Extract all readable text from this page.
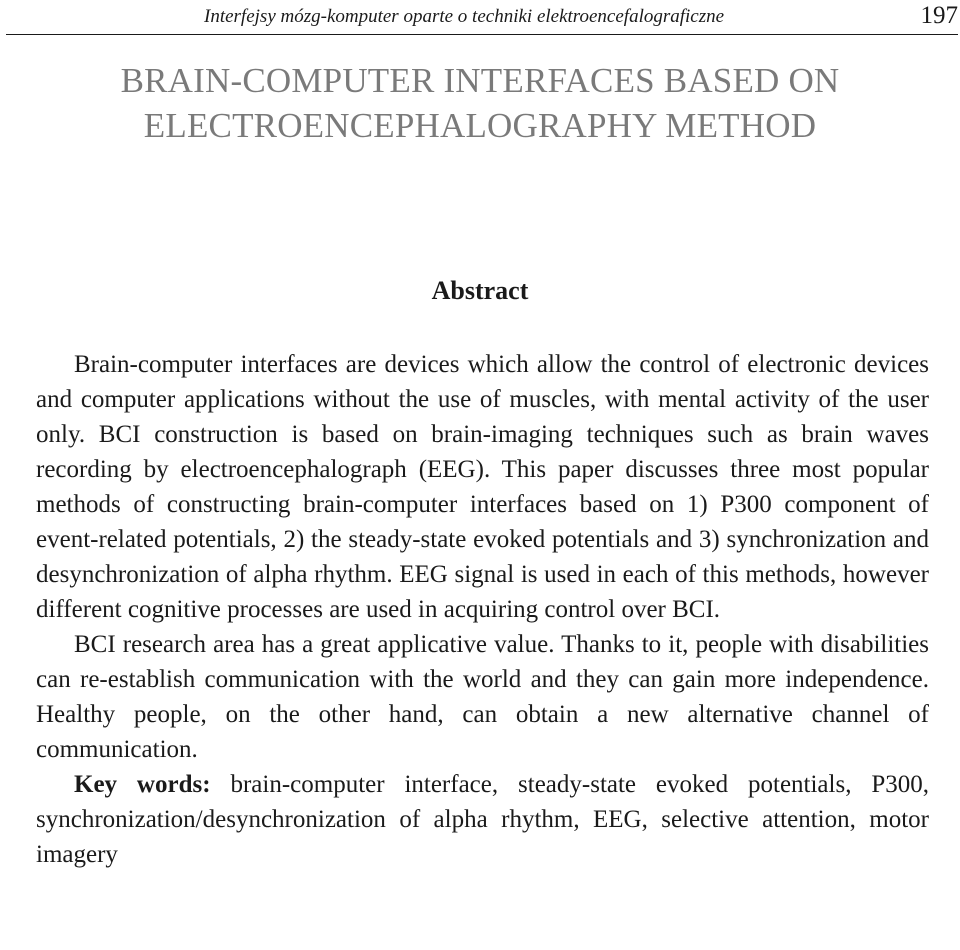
Interfejsy mózg-komputer oparte o techniki elektroencefalograficzne	197
BRAIN-COMPUTER INTERFACES BASED ON
ELECTROENCEPHALOGRAPHY METHOD
Abstract

Brain-computer interfaces are devices which allow the control of electronic devices and computer applications without the use of muscles, with mental activity of the user only. BCI construction is based on brain-imaging techniques such as brain waves recording by electroencephalograph (EEG). This paper discusses three most popular methods of constructing brain-computer interfaces based on 1) P300 component of event-related potentials, 2) the steady-state evoked potentials and 3) synchronization and desynchronization of alpha rhythm. EEG signal is used in each of this methods, however different cognitive processes are used in acquiring control over BCI.

BCI research area has a great applicative value. Thanks to it, people with disabilities can re-establish communication with the world and they can gain more independence. Healthy people, on the other hand, can obtain a new alternative channel of communication.

Key words: brain-computer interface, steady-state evoked potentials, P300, synchronization/desynchronization of alpha rhythm, EEG, selective attention, motor imagery
